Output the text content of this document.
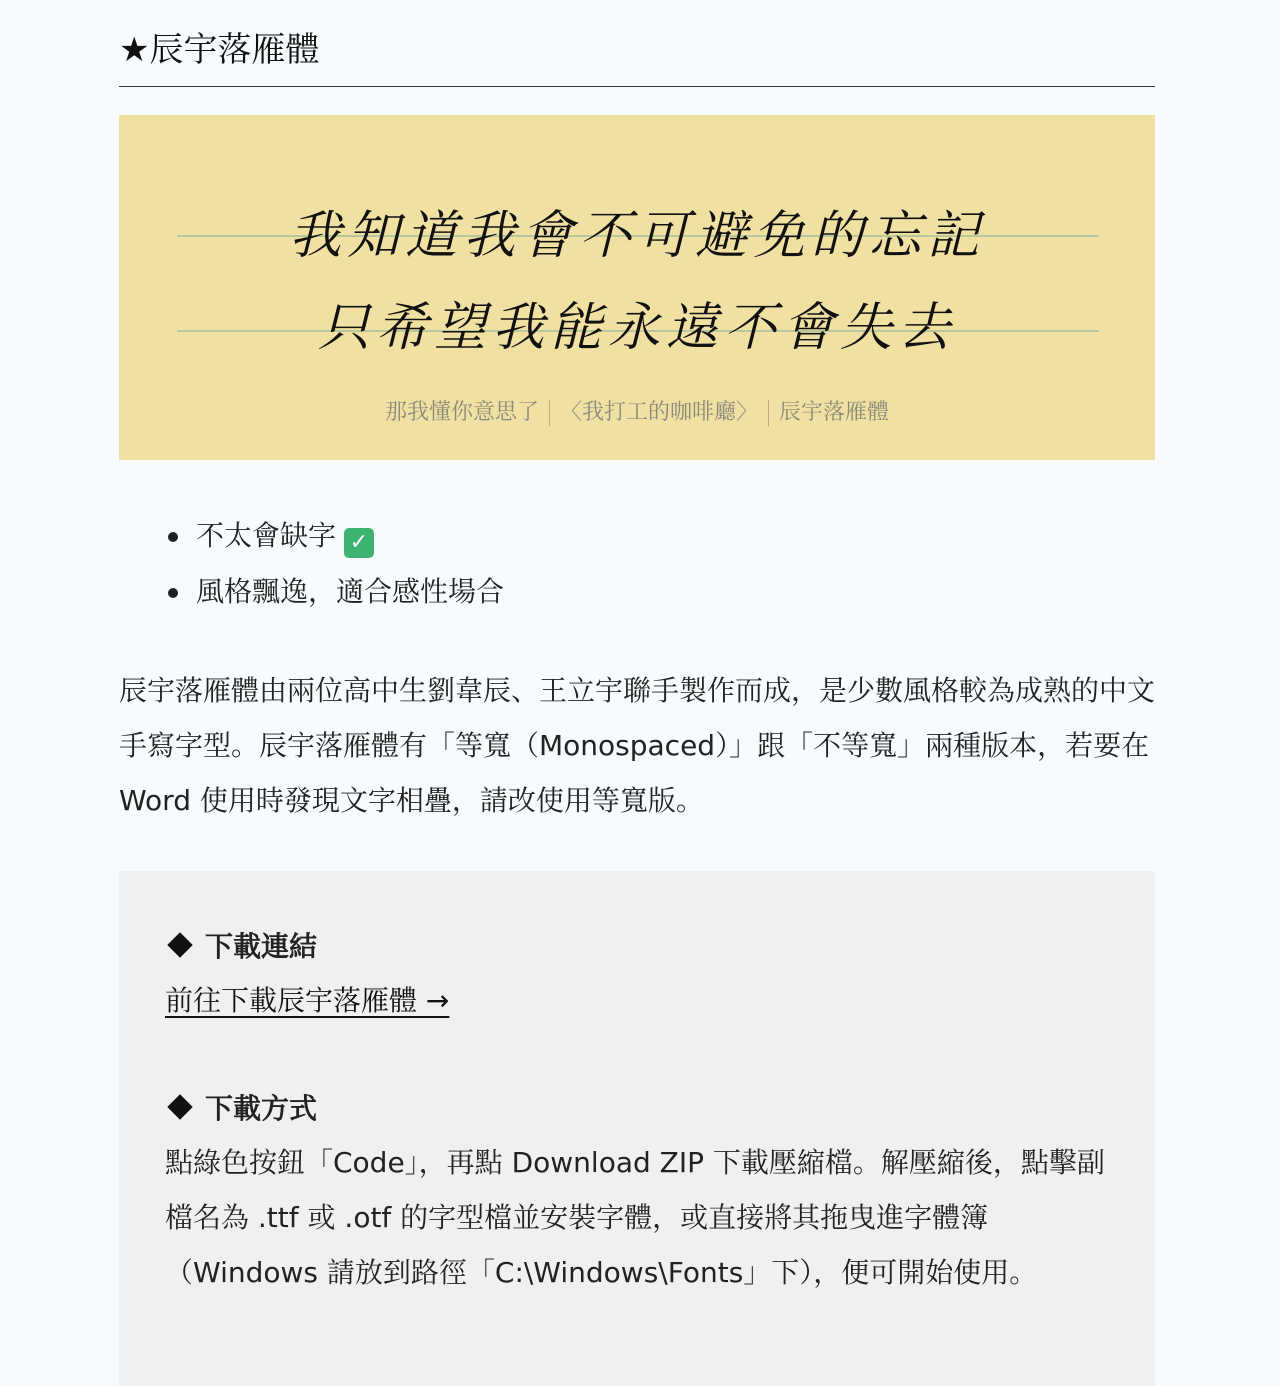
★辰宇落雁體
我知道我會不可避免的忘記
只希望我能永遠不會失去
那我懂你意思了 〈我打工的咖啡廳〉 辰宇落雁體
不太會缺字 ✓
風格飄逸，適合感性場合

辰宇落雁體由兩位高中生劉韋辰、王立宇聯手製作而成，是少數風格較為成熟的中文手寫字型。辰宇落雁體有「等寬（Monospaced）」跟「不等寬」兩種版本，若要在 Word 使用時發現文字相疊，請改使用等寬版。

下載連結
前往下載辰宇落雁體 →
下載方式

點綠色按鈕「Code」，再點 Download ZIP 下載壓縮檔。解壓縮後，點擊副檔名為 .ttf 或 .otf 的字型檔並安裝字體，或直接將其拖曳進字體簿（Windows 請放到路徑「C:\Windows\Fonts」下），便可開始使用。
